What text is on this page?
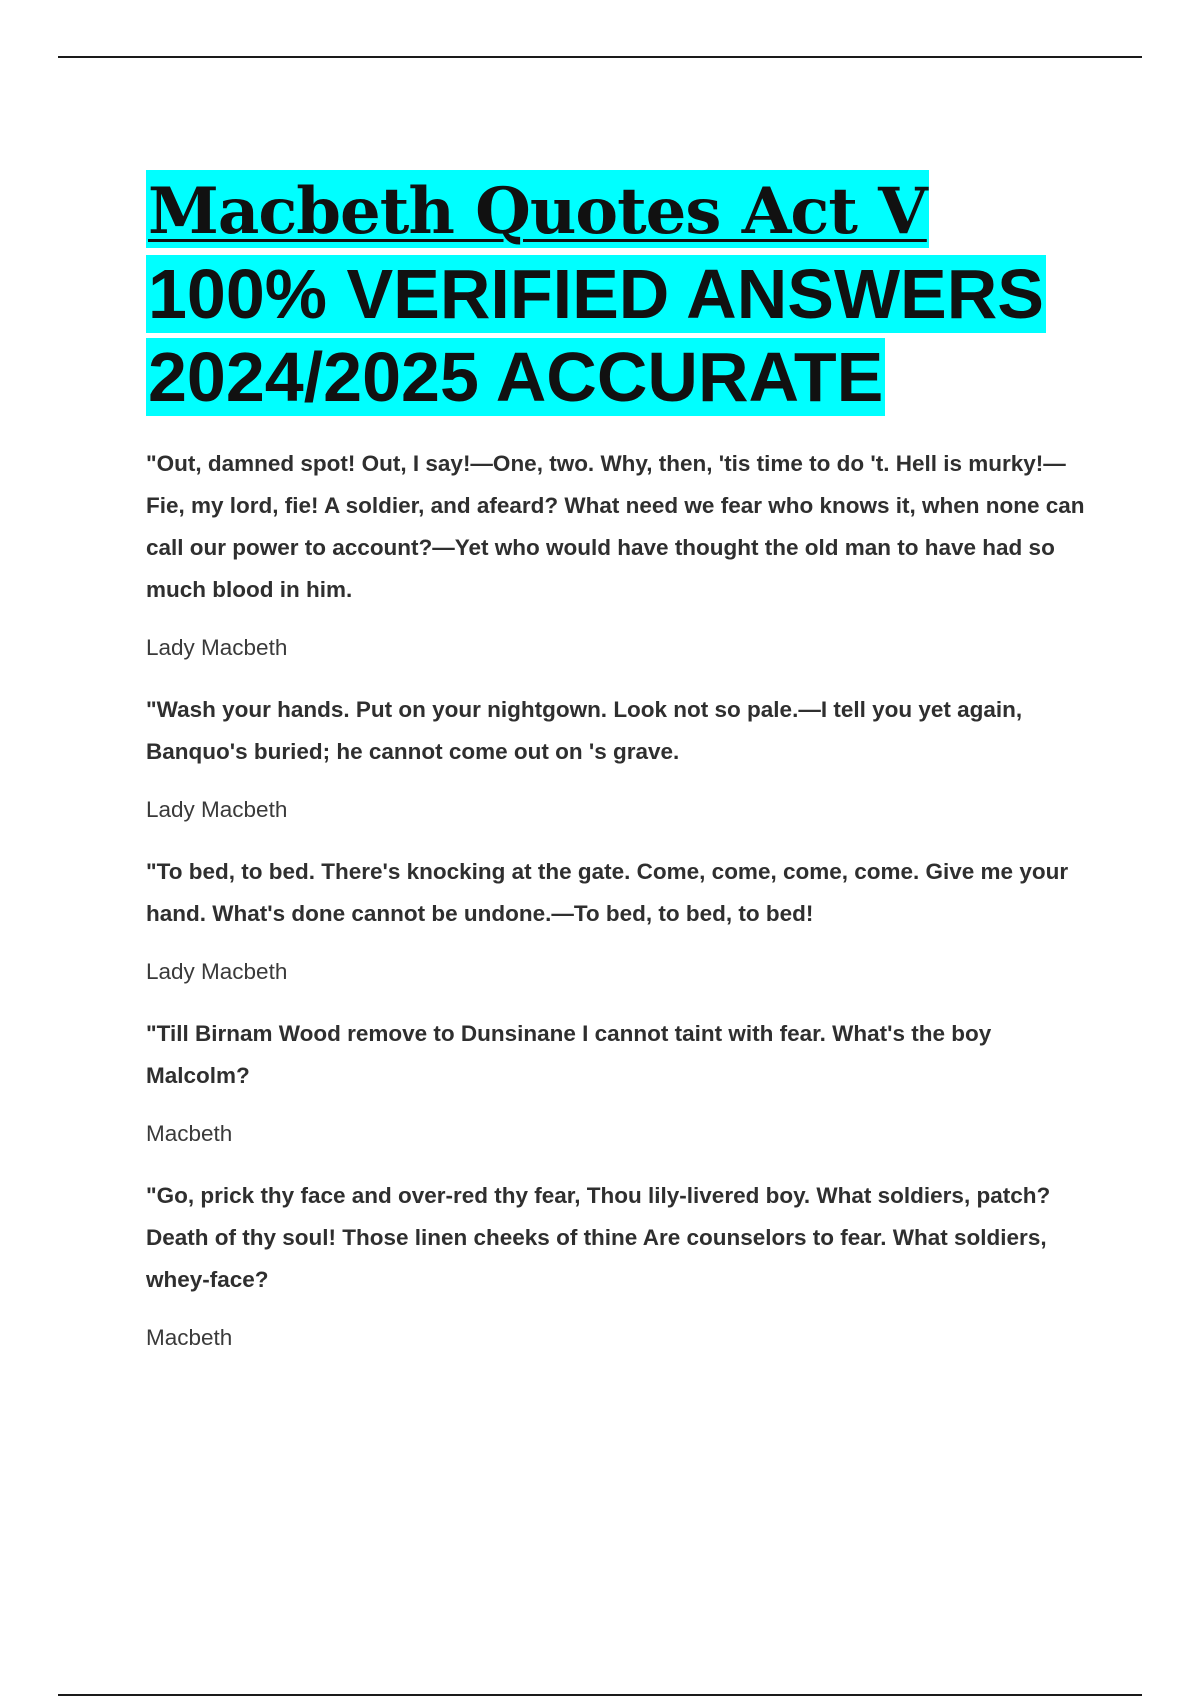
Macbeth Quotes Act V 100% VERIFIED ANSWERS 2024/2025 ACCURATE

"Out, damned spot! Out, I say!—One, two. Why, then, 'tis time to do 't. Hell is murky!—Fie, my lord, fie! A soldier, and afeard? What need we fear who knows it, when none can call our power to account?—Yet who would have thought the old man to have had so much blood in him.

Lady Macbeth

"Wash your hands. Put on your nightgown. Look not so pale.—I tell you yet again, Banquo's buried; he cannot come out on 's grave.

Lady Macbeth

"To bed, to bed. There's knocking at the gate. Come, come, come, come. Give me your hand. What's done cannot be undone.—To bed, to bed, to bed!

Lady Macbeth

"Till Birnam Wood remove to Dunsinane I cannot taint with fear. What's the boy Malcolm?

Macbeth

"Go, prick thy face and over-red thy fear, Thou lily-livered boy. What soldiers, patch? Death of thy soul! Those linen cheeks of thine Are counselors to fear. What soldiers, whey-face?

Macbeth
